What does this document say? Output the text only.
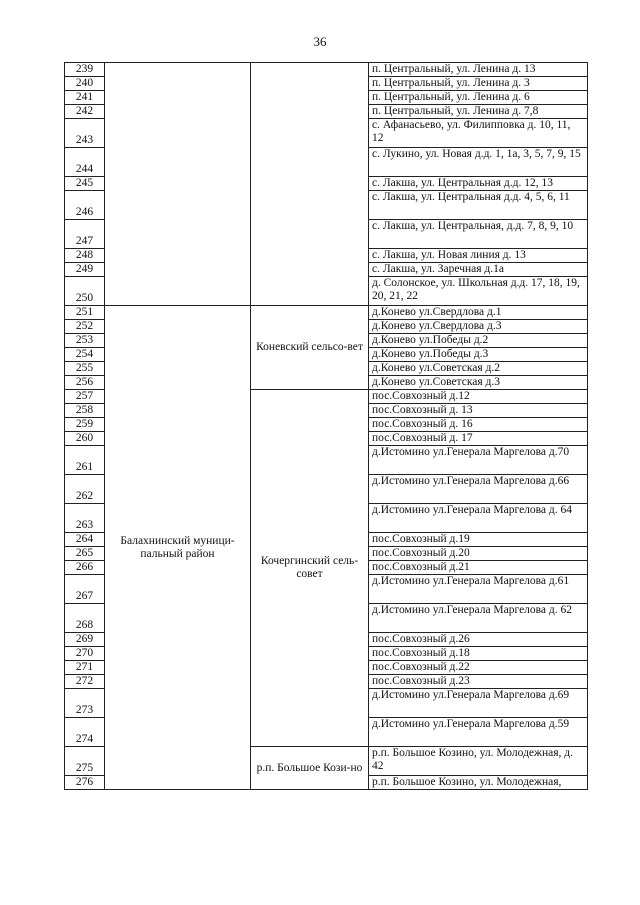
36
239			п. Центральный, ул. Ленина д. 13
240			п. Центральный, ул. Ленина д. 3
241			п. Центральный, ул. Ленина д. 6
242			п. Центральный, ул. Ленина д. 7,8
243			с. Афанасьево, ул. Филипповка д. 10, 11, 12
244			с. Лукино, ул. Новая д.д. 1, 1а, 3, 5, 7, 9, 15
245			с. Лакша, ул. Центральная д.д. 12, 13
246			с. Лакша, ул. Центральная д.д. 4, 5, 6, 11
247			с. Лакша, ул. Центральная, д.д. 7, 8, 9, 10
248			с. Лакша, ул. Новая линия д. 13
249			с. Лакша, ул. Заречная д.1а
250			д. Солонское, ул. Школьная д.д. 17, 18, 19, 20, 21, 22
251	Балахнинский муници-пальный район	Коневский сельсо-вет	д.Конево ул.Свердлова д.1
252			д.Конево ул.Свердлова д.3
253			д.Конево ул.Победы д.2
254			д.Конево ул.Победы д.3
255			д.Конево ул.Советская д.2
256			д.Конево ул.Советская д.3
257		Кочергинский сель-совет	пос.Совхозный д.12
258			пос.Совхозный д. 13
259			пос.Совхозный д. 16
260			пос.Совхозный д. 17
261			д.Истомино ул.Генерала Маргелова д.70
262			д.Истомино ул.Генерала Маргелова д.66
263			д.Истомино ул.Генерала Маргелова д. 64
264			пос.Совхозный д.19
265			пос.Совхозный д.20
266			пос.Совхозный д.21
267			д.Истомино ул.Генерала Маргелова д.61
268			д.Истомино ул.Генерала Маргелова д. 62
269			пос.Совхозный д.26
270			пос.Совхозный д.18
271			пос.Совхозный д.22
272			пос.Совхозный д.23
273			д.Истомино ул.Генерала Маргелова д.69
274			д.Истомино ул.Генерала Маргелова д.59
275		р.п. Большое Кози-но	р.п. Большое Козино, ул. Молодежная, д. 42
276			р.п. Большое Козино, ул. Молодежная,
